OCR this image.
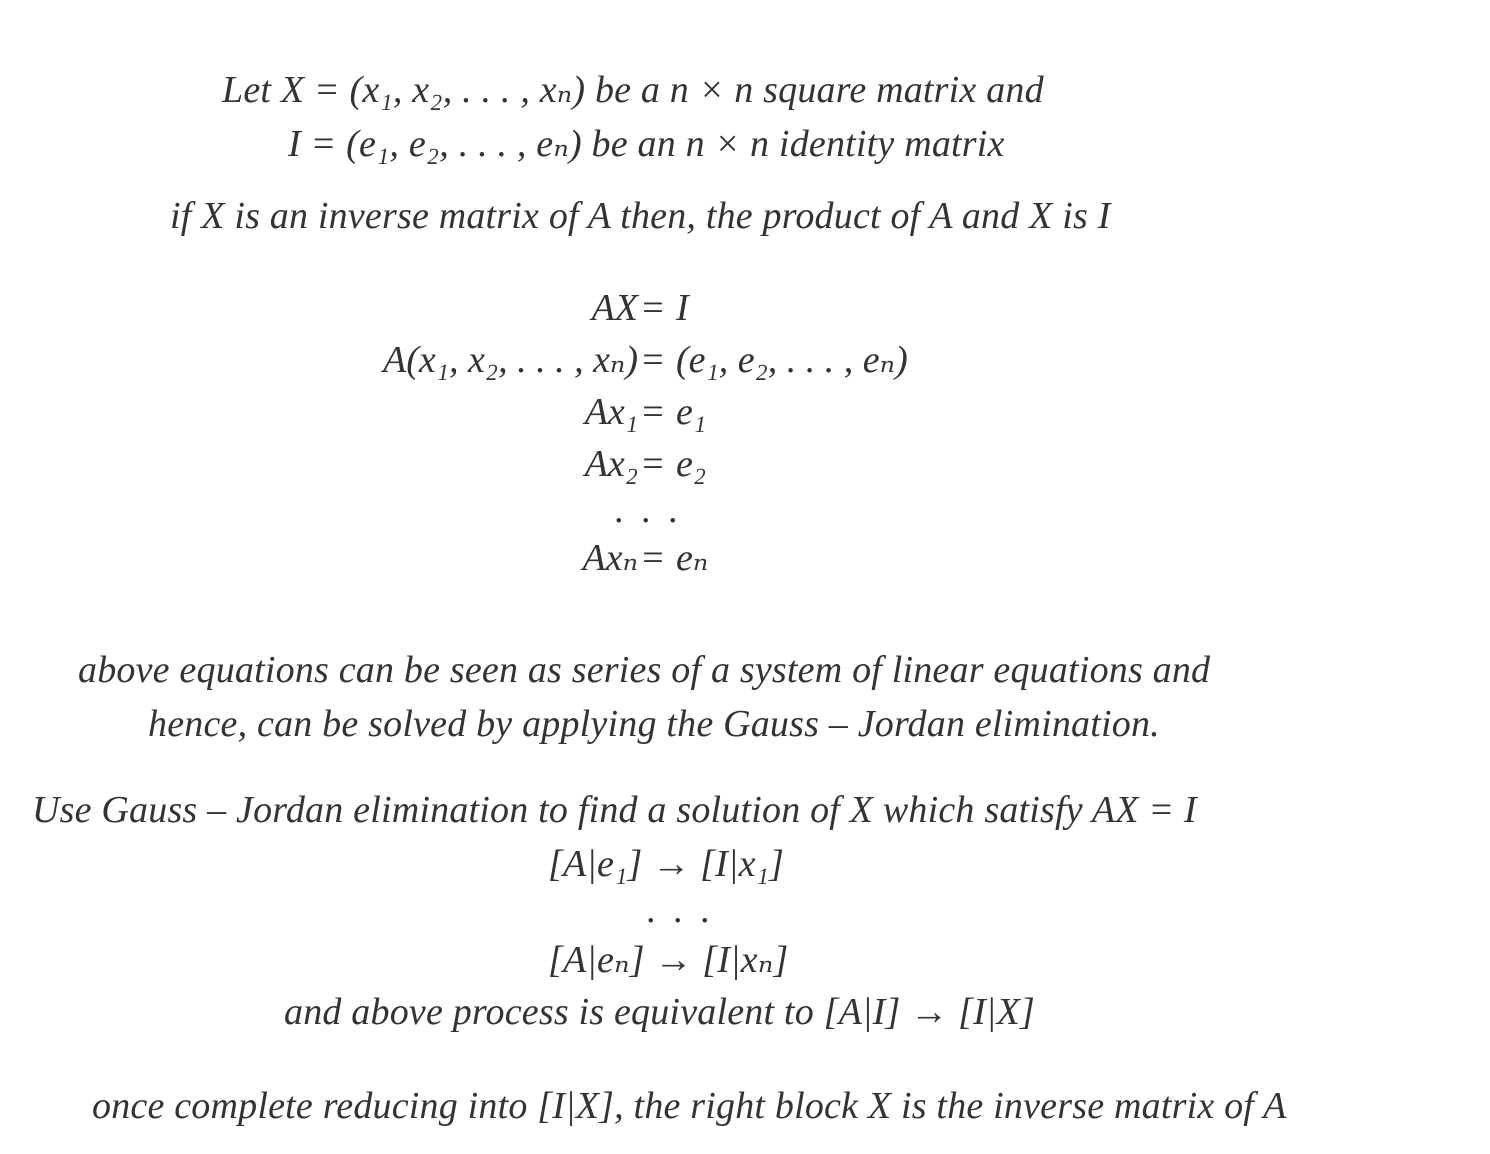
Let X = (x₁, x₂, . . . , xₙ) be a n × n square matrix and
I = (e₁, e₂, . . . , eₙ) be an n × n identity matrix
if X is an inverse matrix of A then, the product of A and X is I
AX = I
A(x₁, x₂, . . . , xₙ) = (e₁, e₂, . . . , eₙ)
Ax₁ = e₁
Ax₂ = e₂
. . .
Axₙ = eₙ
above equations can be seen as series of a system of linear equations and
hence, can be solved by applying the Gauss – Jordan elimination.
Use Gauss – Jordan elimination to find a solution of X which satisfy AX = I
[A|e₁] → [I|x₁]
. . .
[A|eₙ] → [I|xₙ]
and above process is equivalent to [A|I] → [I|X]
once complete reducing into [I|X], the right block X is the inverse matrix of A
